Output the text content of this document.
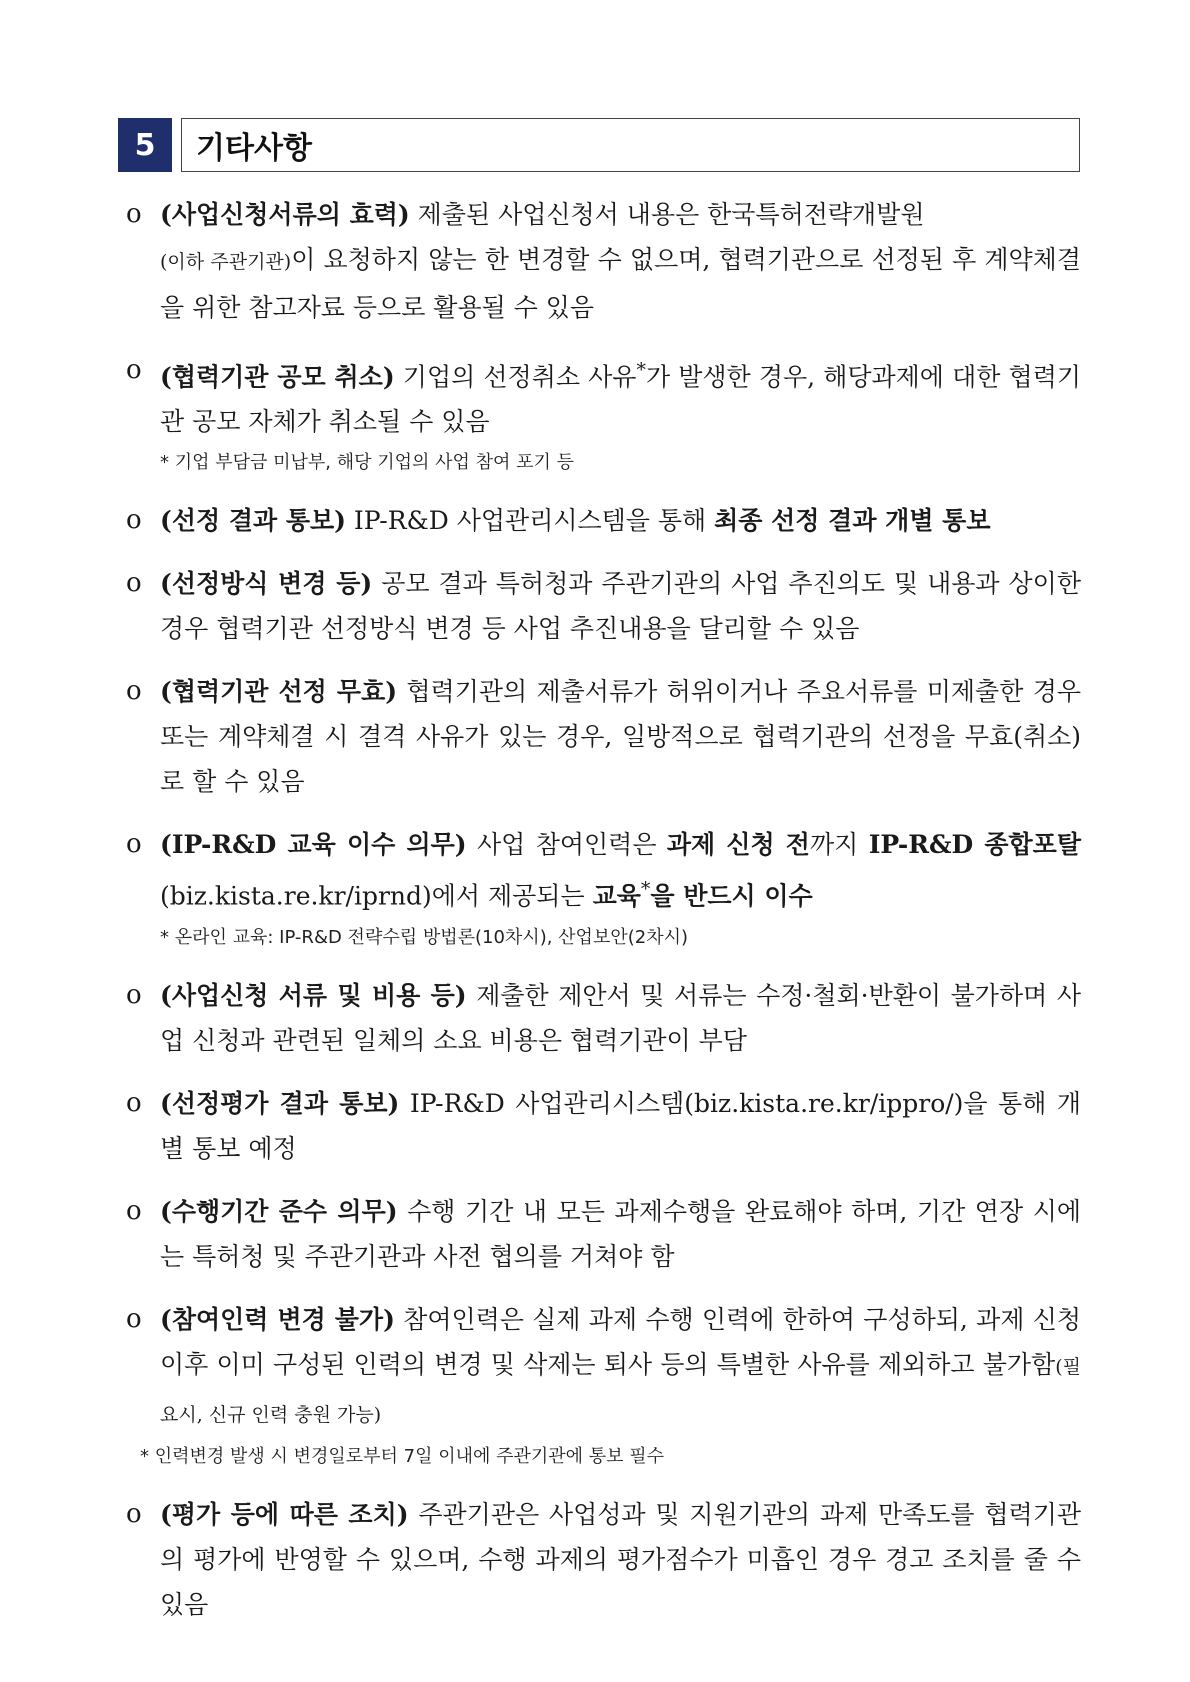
5	기타사항
o (사업신청서류의 효력) 제출된 사업신청서 내용은 한국특허전략개발원
(이하 주관기관)이 요청하지 않는 한 변경할 수 없으며, 협력기관으로 선정된 후 계약체결을 위한 참고자료 등으로 활용될 수 있음
o (협력기관 공모 취소) 기업의 선정취소 사유*가 발생한 경우, 해당과제에 대한 협력기관 공모 자체가 취소될 수 있음
* 기업 부담금 미납부, 해당 기업의 사업 참여 포기 등
o (선정 결과 통보) IP-R&D 사업관리시스템을 통해 최종 선정 결과 개별 통보
o (선정방식 변경 등) 공모 결과 특허청과 주관기관의 사업 추진의도 및 내용과 상이한 경우 협력기관 선정방식 변경 등 사업 추진내용을 달리할 수 있음
o (협력기관 선정 무효) 협력기관의 제출서류가 허위이거나 주요서류를 미제출한 경우 또는 계약체결 시 결격 사유가 있는 경우, 일방적으로 협력기관의 선정을 무효(취소)로 할 수 있음
o (IP-R&D 교육 이수 의무) 사업 참여인력은 과제 신청 전까지 IP-R&D 종합포탈(biz.kista.re.kr/iprnd)에서 제공되는 교육*을 반드시 이수
* 온라인 교육: IP-R&D 전략수립 방법론(10차시), 산업보안(2차시)
o (사업신청 서류 및 비용 등) 제출한 제안서 및 서류는 수정·철회·반환이 불가하며 사업 신청과 관련된 일체의 소요 비용은 협력기관이 부담
o (선정평가 결과 통보) IP-R&D 사업관리시스템(biz.kista.re.kr/ippro/)을 통해 개별 통보 예정
o (수행기간 준수 의무) 수행 기간 내 모든 과제수행을 완료해야 하며, 기간 연장 시에는 특허청 및 주관기관과 사전 협의를 거쳐야 함
o (참여인력 변경 불가) 참여인력은 실제 과제 수행 인력에 한하여 구성하되, 과제 신청 이후 이미 구성된 인력의 변경 및 삭제는 퇴사 등의 특별한 사유를 제외하고 불가함(필요시, 신규 인력 충원 가능)
* 인력변경 발생 시 변경일로부터 7일 이내에 주관기관에 통보 필수
o (평가 등에 따른 조치) 주관기관은 사업성과 및 지원기관의 과제 만족도를 협력기관의 평가에 반영할 수 있으며, 수행 과제의 평가점수가 미흡인 경우 경고 조치를 줄 수 있음
